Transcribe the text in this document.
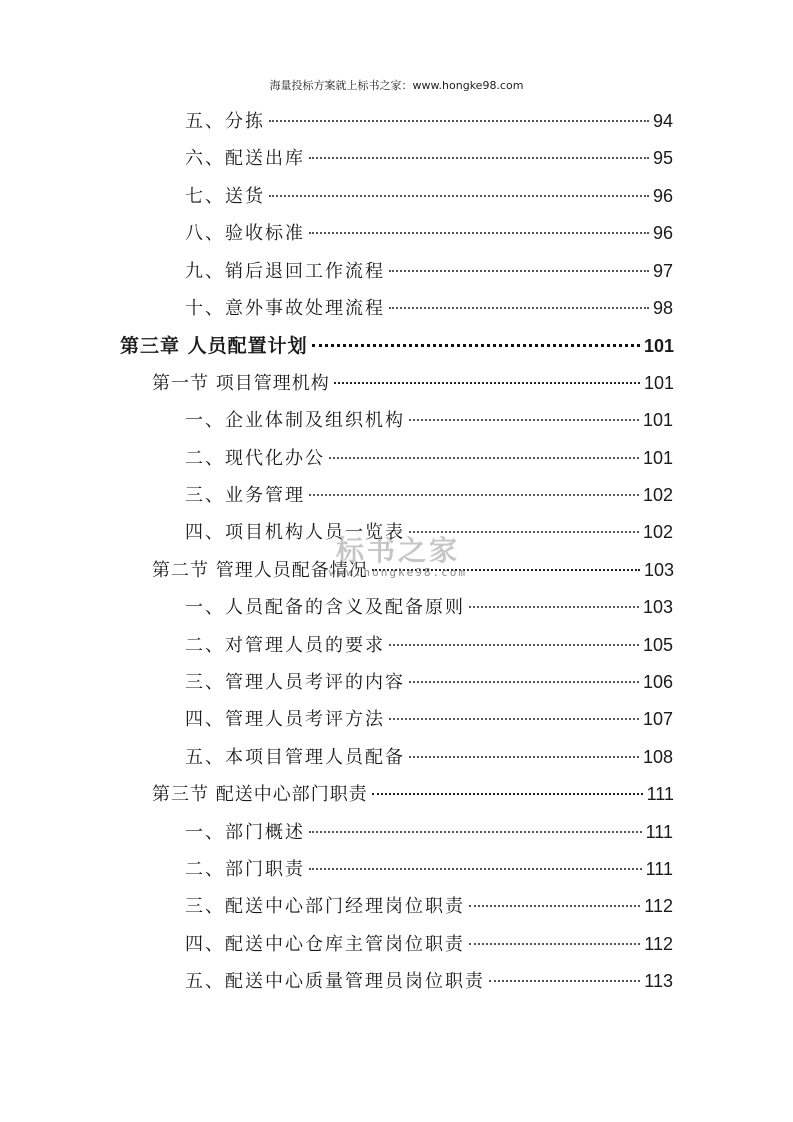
海量投标方案就上标书之家：www.hongke98.com
五、分拣	94
六、配送出库	95
七、送货	96
八、验收标准	96
九、销后退回工作流程	97
十、意外事故处理流程	98
第三章 人员配置计划	101
第一节 项目管理机构	101
一、企业体制及组织机构	101
二、现代化办公	101
三、业务管理	102
四、项目机构人员一览表	102
第二节 管理人员配备情况	103
一、人员配备的含义及配备原则	103
二、对管理人员的要求	105
三、管理人员考评的内容	106
四、管理人员考评方法	107
五、本项目管理人员配备	108
第三节 配送中心部门职责	111
一、部门概述	111
二、部门职责	111
三、配送中心部门经理岗位职责	112
四、配送中心仓库主管岗位职责	112
五、配送中心质量管理员岗位职责	113
标书之家
www.hongke98.com
